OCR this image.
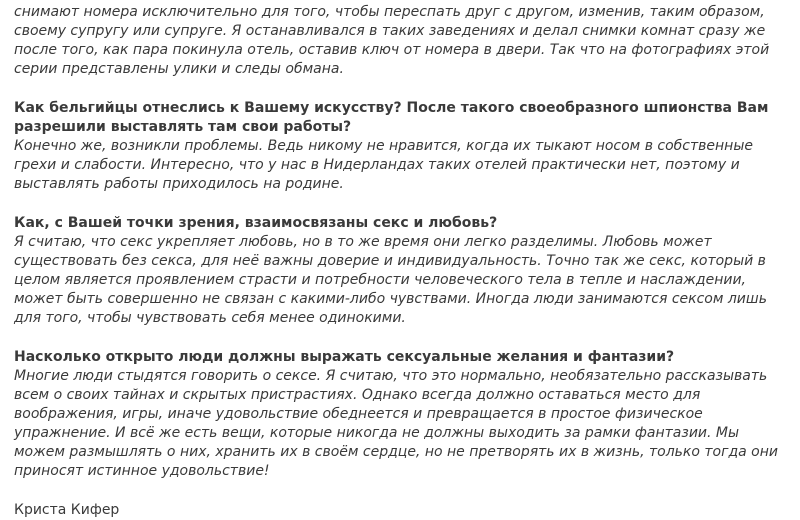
снимают номера исключительно для того, чтобы переспать друг с другом, изменив, таким образом, своему супругу или супруге. Я останавливался в таких заведениях и делал снимки комнат сразу же после того, как пара покинула отель, оставив ключ от номера в двери. Так что на фотографиях этой серии представлены улики и следы обмана.

Как бельгийцы отнеслись к Вашему искусству? После такого своеобразного шпионства Вам разрешили выставлять там свои работы?

Конечно же, возникли проблемы. Ведь никому не нравится, когда их тыкают носом в собственные грехи и слабости. Интересно, что у нас в Нидерландах таких отелей практически нет, поэтому и выставлять работы приходилось на родине.

Как, с Вашей точки зрения, взаимосвязаны секс и любовь?

Я считаю, что секс укрепляет любовь, но в то же время они легко разделимы. Любовь может существовать без секса, для неё важны доверие и индивидуальность. Точно так же секс, который в целом является проявлением страсти и потребности человеческого тела в тепле и наслаждении, может быть совершенно не связан с какими-либо чувствами. Иногда люди занимаются сексом лишь для того, чтобы чувствовать себя менее одинокими.

Насколько открыто люди должны выражать сексуальные желания и фантазии?

Многие люди стыдятся говорить о сексе. Я считаю, что это нормально, необязательно рассказывать всем о своих тайнах и скрытых пристрастиях. Однако всегда должно оставаться место для воображения, игры, иначе удовольствие обеднеется и превращается в простое физическое упражнение. И всё же есть вещи, которые никогда не должны выходить за рамки фантазии. Мы можем размышлять о них, хранить их в своём сердце, но не претворять их в жизнь, только тогда они приносят истинное удовольствие!

Криста Кифер
